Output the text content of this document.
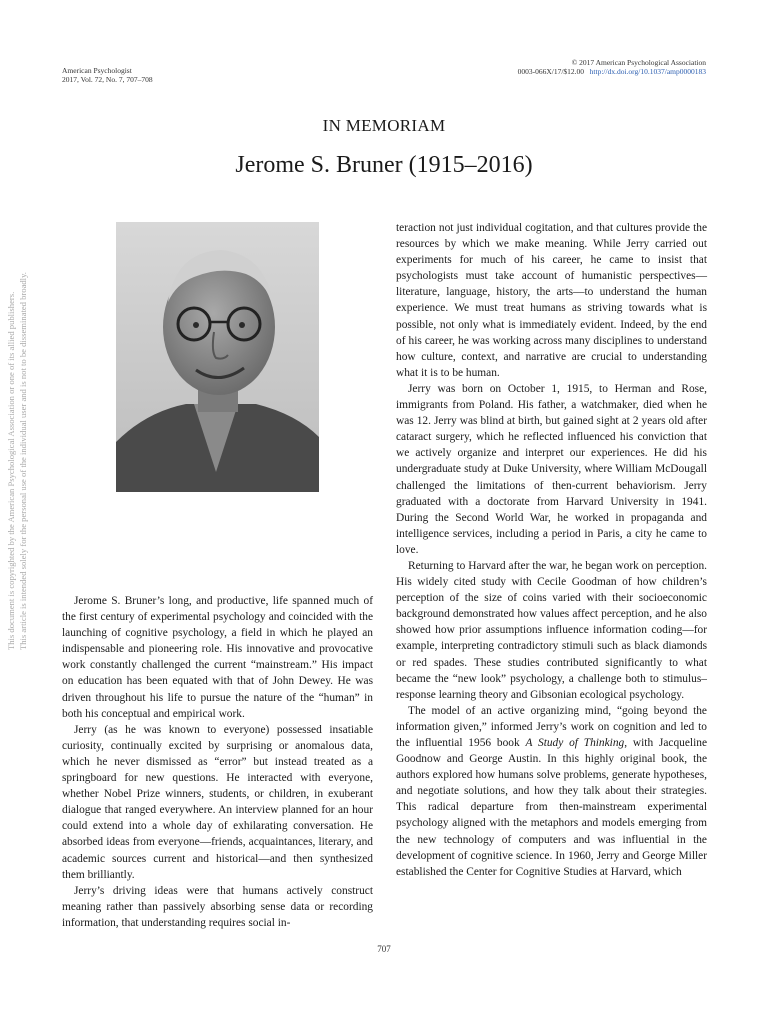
American Psychologist
2017, Vol. 72, No. 7, 707–708
© 2017 American Psychological Association
0003-066X/17/$12.00 http://dx.doi.org/10.1037/amp0000183
IN MEMORIAM
Jerome S. Bruner (1915–2016)

Jerome S. Bruner’s long, and productive, life spanned much of the first century of experimental psychology and coincided with the launching of cognitive psychology, a field in which he played an indispensable and pioneering role. His innovative and provocative work constantly challenged the current “mainstream.” His impact on education has been equated with that of John Dewey. He was driven throughout his life to pursue the nature of the “human” in both his conceptual and empirical work.

Jerry (as he was known to everyone) possessed insatiable curiosity, continually excited by surprising or anomalous data, which he never dismissed as “error” but instead treated as a springboard for new questions. He interacted with everyone, whether Nobel Prize winners, students, or children, in exuberant dialogue that ranged everywhere. An interview planned for an hour could extend into a whole day of exhilarating conversation. He absorbed ideas from everyone—friends, acquaintances, literary, and academic sources current and historical—and then synthesized them brilliantly.

Jerry’s driving ideas were that humans actively construct meaning rather than passively absorbing sense data or recording information, that understanding requires social in-

teraction not just individual cogitation, and that cultures provide the resources by which we make meaning. While Jerry carried out experiments for much of his career, he came to insist that psychologists must take account of humanistic perspectives—literature, language, history, the arts—to understand the human experience. We must treat humans as striving towards what is possible, not only what is immediately evident. Indeed, by the end of his career, he was working across many disciplines to understand how culture, context, and narrative are crucial to understanding what it is to be human.

Jerry was born on October 1, 1915, to Herman and Rose, immigrants from Poland. His father, a watchmaker, died when he was 12. Jerry was blind at birth, but gained sight at 2 years old after cataract surgery, which he reflected influenced his conviction that we actively organize and interpret our experiences. He did his undergraduate study at Duke University, where William McDougall challenged the limitations of then-current behaviorism. Jerry graduated with a doctorate from Harvard University in 1941. During the Second World War, he worked in propaganda and intelligence services, including a period in Paris, a city he came to love.

Returning to Harvard after the war, he began work on perception. His widely cited study with Cecile Goodman of how children’s perception of the size of coins varied with their socioeconomic background demonstrated how values affect perception, and he also showed how prior assumptions influence information coding—for example, interpreting contradictory stimuli such as black diamonds or red spades. These studies contributed significantly to what became the “new look” psychology, a challenge both to stimulus–response learning theory and Gibsonian ecological psychology.

The model of an active organizing mind, “going beyond the information given,” informed Jerry’s work on cognition and led to the influential 1956 book A Study of Thinking, with Jacqueline Goodnow and George Austin. In this highly original book, the authors explored how humans solve problems, generate hypotheses, and negotiate solutions, and how they talk about their strategies. This radical departure from then-mainstream experimental psychology aligned with the metaphors and models emerging from the new technology of computers and was influential in the development of cognitive science. In 1960, Jerry and George Miller established the Center for Cognitive Studies at Harvard, which

707
This document is copyrighted by the American Psychological Association or one of its allied publishers. This article is intended solely for the personal use of the individual user and is not to be disseminated broadly.
